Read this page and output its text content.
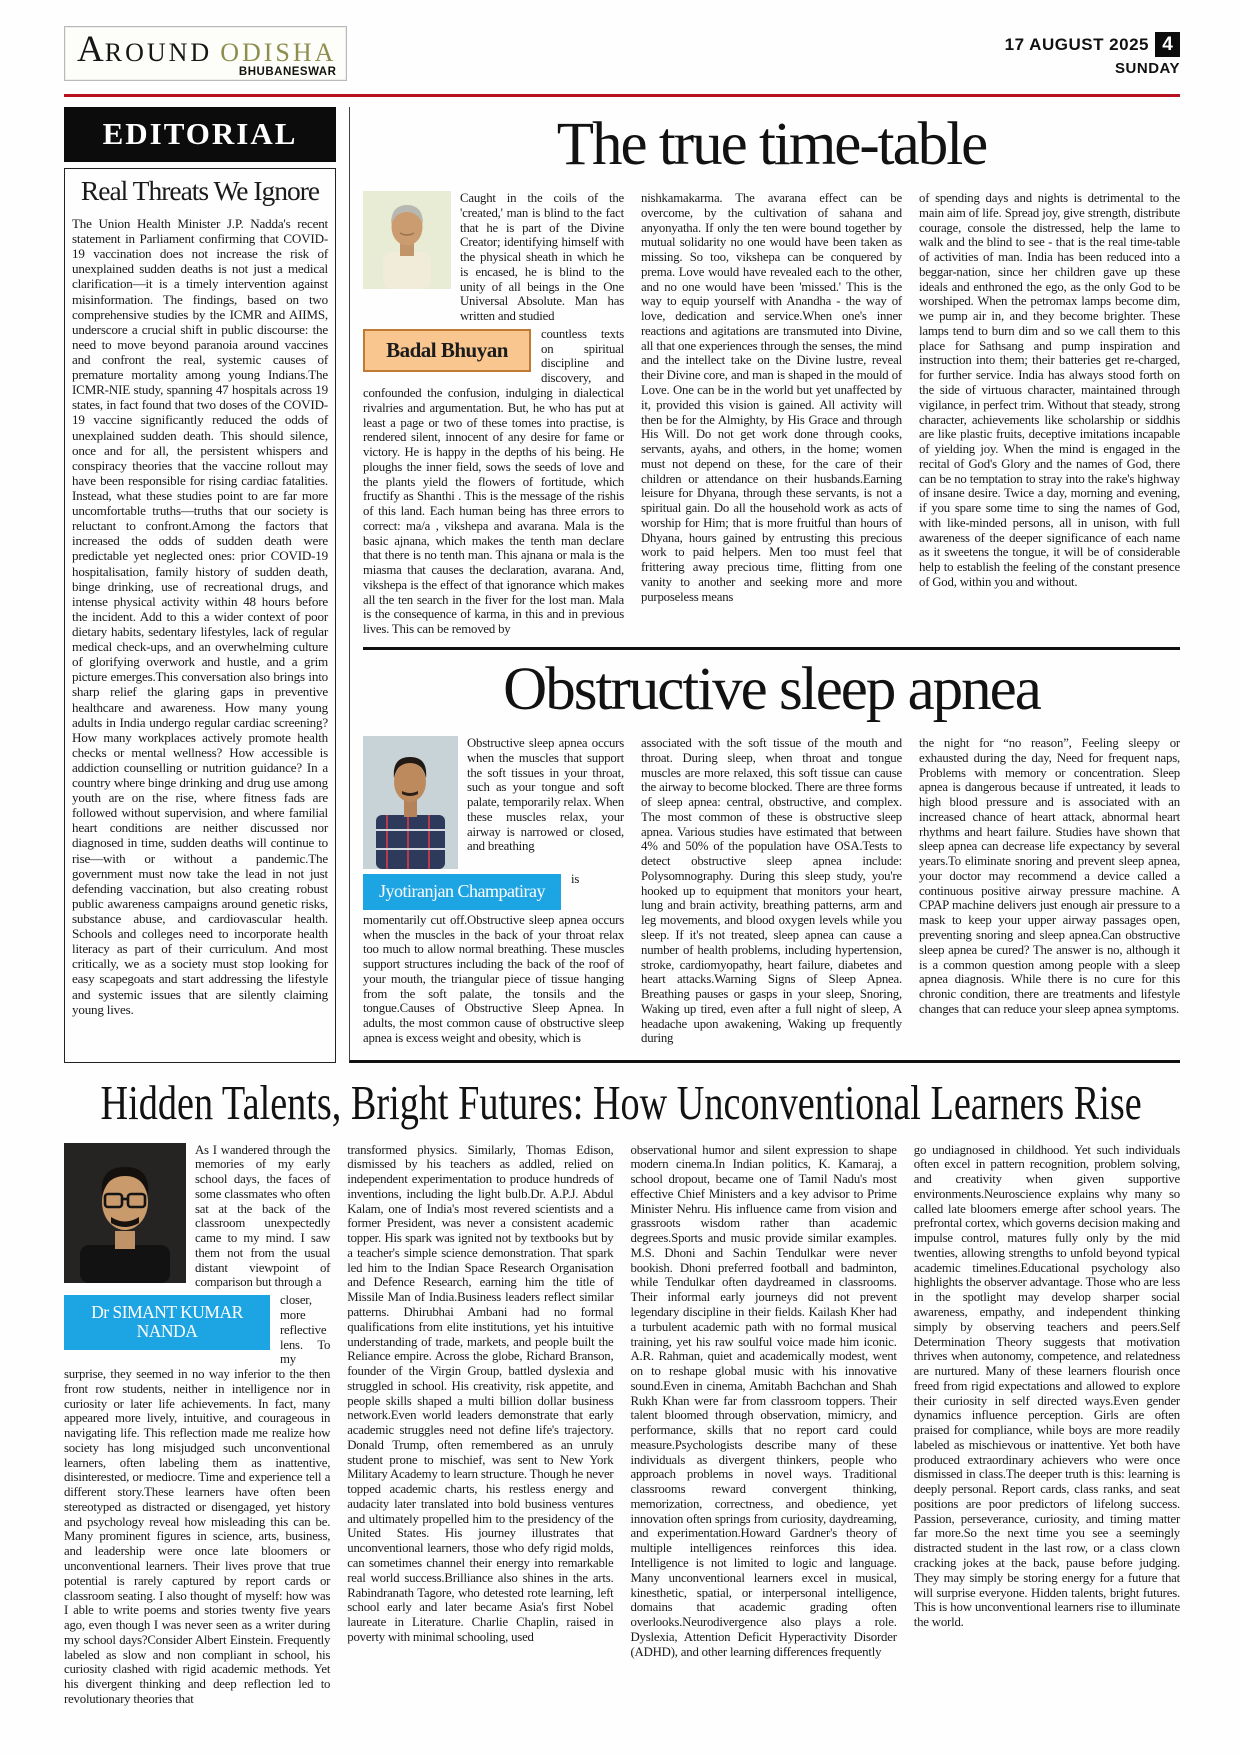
AROUND ODISHA
BHUBANESWAR
17 AUGUST 2025 4
SUNDAY
EDITORIAL
Real Threats We Ignore
The Union Health Minister J.P. Nadda's recent statement in Parliament confirming that COVID-19 vaccination does not increase the risk of unexplained sudden deaths is not just a medical clarification—it is a timely intervention against misinformation. The findings, based on two comprehensive studies by the ICMR and AIIMS, underscore a crucial shift in public discourse: the need to move beyond paranoia around vaccines and confront the real, systemic causes of premature mortality among young Indians.The ICMR-NIE study, spanning 47 hospitals across 19 states, in fact found that two doses of the COVID-19 vaccine significantly reduced the odds of unexplained sudden death. This should silence, once and for all, the persistent whispers and conspiracy theories that the vaccine rollout may have been responsible for rising cardiac fatalities. Instead, what these studies point to are far more uncomfortable truths—truths that our society is reluctant to confront.Among the factors that increased the odds of sudden death were predictable yet neglected ones: prior COVID-19 hospitalisation, family history of sudden death, binge drinking, use of recreational drugs, and intense physical activity within 48 hours before the incident. Add to this a wider context of poor dietary habits, sedentary lifestyles, lack of regular medical check-ups, and an overwhelming culture of glorifying overwork and hustle, and a grim picture emerges.This conversation also brings into sharp relief the glaring gaps in preventive healthcare and awareness. How many young adults in India undergo regular cardiac screening? How many workplaces actively promote health checks or mental wellness? How accessible is addiction counselling or nutrition guidance? In a country where binge drinking and drug use among youth are on the rise, where fitness fads are followed without supervision, and where familial heart conditions are neither discussed nor diagnosed in time, sudden deaths will continue to rise—with or without a pandemic.The government must now take the lead in not just defending vaccination, but also creating robust public awareness campaigns around genetic risks, substance abuse, and cardiovascular health. Schools and colleges need to incorporate health literacy as part of their curriculum. And most critically, we as a society must stop looking for easy scapegoats and start addressing the lifestyle and systemic issues that are silently claiming young lives.
The true time-table
Caught in the coils of the 'created,' man is blind to the fact that he is part of the Divine Creator; identifying himself with the physical sheath in which he is encased, he is blind to the unity of all beings in the One Universal Absolute. Man has written and studied
Badal Bhuyan
countless texts on spiritual discipline and discovery, and confounded the confusion, indulging in dialectical rivalries and argumentation. But, he who has put at least a page or two of these tomes into practise, is rendered silent, innocent of any desire for fame or victory. He is happy in the depths of his being. He ploughs the inner field, sows the seeds of love and the plants yield the flowers of fortitude, which fructify as Shanthi . This is the message of the rishis of this land. Each human being has three errors to correct: ma/a , vikshepa and avarana. Mala is the basic ajnana, which makes the tenth man declare that there is no tenth man. This ajnana or mala is the miasma that causes the declaration, avarana. And, vikshepa is the effect of that ignorance which makes all the ten search in the fiver for the lost man. Mala is the consequence of karma, in this and in previous lives. This can be removed by
nishkamakarma. The avarana effect can be overcome, by the cultivation of sahana and anyonyatha. If only the ten were bound together by mutual solidarity no one would have been taken as missing. So too, vikshepa can be conquered by prema. Love would have revealed each to the other, and no one would have been 'missed.' This is the way to equip yourself with Anandha - the way of love, dedication and service.When one's inner reactions and agitations are transmuted into Divine, all that one experiences through the senses, the mind and the intellect take on the Divine lustre, reveal their Divine core, and man is shaped in the mould of Love. One can be in the world but yet unaffected by it, provided this vision is gained. All activity will then be for the Almighty, by His Grace and through His Will. Do not get work done through cooks, servants, ayahs, and others, in the home; women must not depend on these, for the care of their children or attendance on their husbands.Earning leisure for Dhyana, through these servants, is not a spiritual gain. Do all the household work as acts of worship for Him; that is more fruitful than hours of Dhyana, hours gained by entrusting this precious work to paid helpers. Men too must feel that frittering away precious time, flitting from one vanity to another and seeking more and more purposeless means
of spending days and nights is detrimental to the main aim of life. Spread joy, give strength, distribute courage, console the distressed, help the lame to walk and the blind to see - that is the real time-table of activities of man. India has been reduced into a beggar-nation, since her children gave up these ideals and enthroned the ego, as the only God to be worshiped. When the petromax lamps become dim, we pump air in, and they become brighter. These lamps tend to burn dim and so we call them to this place for Sathsang and pump inspiration and instruction into them; their batteries get re-charged, for further service. India has always stood forth on the side of virtuous character, maintained through vigilance, in perfect trim. Without that steady, strong character, achievements like scholarship or siddhis are like plastic fruits, deceptive imitations incapable of yielding joy. When the mind is engaged in the recital of God's Glory and the names of God, there can be no temptation to stray into the rake's highway of insane desire. Twice a day, morning and evening, if you spare some time to sing the names of God, with like-minded persons, all in unison, with full awareness of the deeper significance of each name as it sweetens the tongue, it will be of considerable help to establish the feeling of the constant presence of God, within you and without.
Obstructive sleep apnea
Obstructive sleep apnea occurs when the muscles that support the soft tissues in your throat, such as your tongue and soft palate, temporarily relax. When these muscles relax, your airway is narrowed or closed, and breathing
Jyotiranjan Champatiray
is momentarily cut off.Obstructive sleep apnea occurs when the muscles in the back of your throat relax too much to allow normal breathing. These muscles support structures including the back of the roof of your mouth, the triangular piece of tissue hanging from the soft palate, the tonsils and the tongue.Causes of Obstructive Sleep Apnea. In adults, the most common cause of obstructive sleep apnea is excess weight and obesity, which is
associated with the soft tissue of the mouth and throat. During sleep, when throat and tongue muscles are more relaxed, this soft tissue can cause the airway to become blocked. There are three forms of sleep apnea: central, obstructive, and complex. The most common of these is obstructive sleep apnea. Various studies have estimated that between 4% and 50% of the population have OSA.Tests to detect obstructive sleep apnea include: Polysomnography. During this sleep study, you're hooked up to equipment that monitors your heart, lung and brain activity, breathing patterns, arm and leg movements, and blood oxygen levels while you sleep. If it's not treated, sleep apnea can cause a number of health problems, including hypertension, stroke, cardiomyopathy, heart failure, diabetes and heart attacks.Warning Signs of Sleep Apnea. Breathing pauses or gasps in your sleep, Snoring, Waking up tired, even after a full night of sleep, A headache upon awakening, Waking up frequently during
the night for “no reason”, Feeling sleepy or exhausted during the day, Need for frequent naps, Problems with memory or concentration. Sleep apnea is dangerous because if untreated, it leads to high blood pressure and is associated with an increased chance of heart attack, abnormal heart rhythms and heart failure. Studies have shown that sleep apnea can decrease life expectancy by several years.To eliminate snoring and prevent sleep apnea, your doctor may recommend a device called a continuous positive airway pressure machine. A CPAP machine delivers just enough air pressure to a mask to keep your upper airway passages open, preventing snoring and sleep apnea.Can obstructive sleep apnea be cured? The answer is no, although it is a common question among people with a sleep apnea diagnosis. While there is no cure for this chronic condition, there are treatments and lifestyle changes that can reduce your sleep apnea symptoms.
Hidden Talents, Bright Futures: How Unconventional Learners Rise
As I wandered through the memories of my early school days, the faces of some classmates who often sat at the back of the classroom unexpectedly came to my mind. I saw them not from the usual distant viewpoint of comparison but through a
Dr SIMANT KUMAR NANDA
closer, more reflective lens. To my surprise, they seemed in no way inferior to the then front row students, neither in intelligence nor in curiosity or later life achievements. In fact, many appeared more lively, intuitive, and courageous in navigating life. This reflection made me realize how society has long misjudged such unconventional learners, often labeling them as inattentive, disinterested, or mediocre. Time and experience tell a different story.These learners have often been stereotyped as distracted or disengaged, yet history and psychology reveal how misleading this can be. Many prominent figures in science, arts, business, and leadership were once late bloomers or unconventional learners. Their lives prove that true potential is rarely captured by report cards or classroom seating. I also thought of myself: how was I able to write poems and stories twenty five years ago, even though I was never seen as a writer during my school days?Consider Albert Einstein. Frequently labeled as slow and non compliant in school, his curiosity clashed with rigid academic methods. Yet his divergent thinking and deep reflection led to revolutionary theories that
transformed physics. Similarly, Thomas Edison, dismissed by his teachers as addled, relied on independent experimentation to produce hundreds of inventions, including the light bulb.Dr. A.P.J. Abdul Kalam, one of India's most revered scientists and a former President, was never a consistent academic topper. His spark was ignited not by textbooks but by a teacher's simple science demonstration. That spark led him to the Indian Space Research Organisation and Defence Research, earning him the title of Missile Man of India.Business leaders reflect similar patterns. Dhirubhai Ambani had no formal qualifications from elite institutions, yet his intuitive understanding of trade, markets, and people built the Reliance empire. Across the globe, Richard Branson, founder of the Virgin Group, battled dyslexia and struggled in school. His creativity, risk appetite, and people skills shaped a multi billion dollar business network.Even world leaders demonstrate that early academic struggles need not define life's trajectory. Donald Trump, often remembered as an unruly student prone to mischief, was sent to New York Military Academy to learn structure. Though he never topped academic charts, his restless energy and audacity later translated into bold business ventures and ultimately propelled him to the presidency of the United States. His journey illustrates that unconventional learners, those who defy rigid molds, can sometimes channel their energy into remarkable real world success.Brilliance also shines in the arts. Rabindranath Tagore, who detested rote learning, left school early and later became Asia's first Nobel laureate in Literature. Charlie Chaplin, raised in poverty with minimal schooling, used
observational humor and silent expression to shape modern cinema.In Indian politics, K. Kamaraj, a school dropout, became one of Tamil Nadu's most effective Chief Ministers and a key advisor to Prime Minister Nehru. His influence came from vision and grassroots wisdom rather than academic degrees.Sports and music provide similar examples. M.S. Dhoni and Sachin Tendulkar were never bookish. Dhoni preferred football and badminton, while Tendulkar often daydreamed in classrooms. Their informal early journeys did not prevent legendary discipline in their fields. Kailash Kher had a turbulent academic path with no formal musical training, yet his raw soulful voice made him iconic. A.R. Rahman, quiet and academically modest, went on to reshape global music with his innovative sound.Even in cinema, Amitabh Bachchan and Shah Rukh Khan were far from classroom toppers. Their talent bloomed through observation, mimicry, and performance, skills that no report card could measure.Psychologists describe many of these individuals as divergent thinkers, people who approach problems in novel ways. Traditional classrooms reward convergent thinking, memorization, correctness, and obedience, yet innovation often springs from curiosity, daydreaming, and experimentation.Howard Gardner's theory of multiple intelligences reinforces this idea. Intelligence is not limited to logic and language. Many unconventional learners excel in musical, kinesthetic, spatial, or interpersonal intelligence, domains that academic grading often overlooks.Neurodivergence also plays a role. Dyslexia, Attention Deficit Hyperactivity Disorder (ADHD), and other learning differences frequently
go undiagnosed in childhood. Yet such individuals often excel in pattern recognition, problem solving, and creativity when given supportive environments.Neuroscience explains why many so called late bloomers emerge after school years. The prefrontal cortex, which governs decision making and impulse control, matures fully only by the mid twenties, allowing strengths to unfold beyond typical academic timelines.Educational psychology also highlights the observer advantage. Those who are less in the spotlight may develop sharper social awareness, empathy, and independent thinking simply by observing teachers and peers.Self Determination Theory suggests that motivation thrives when autonomy, competence, and relatedness are nurtured. Many of these learners flourish once freed from rigid expectations and allowed to explore their curiosity in self directed ways.Even gender dynamics influence perception. Girls are often praised for compliance, while boys are more readily labeled as mischievous or inattentive. Yet both have produced extraordinary achievers who were once dismissed in class.The deeper truth is this: learning is deeply personal. Report cards, class ranks, and seat positions are poor predictors of lifelong success. Passion, perseverance, curiosity, and timing matter far more.So the next time you see a seemingly distracted student in the last row, or a class clown cracking jokes at the back, pause before judging. They may simply be storing energy for a future that will surprise everyone. Hidden talents, bright futures. This is how unconventional learners rise to illuminate the world.
